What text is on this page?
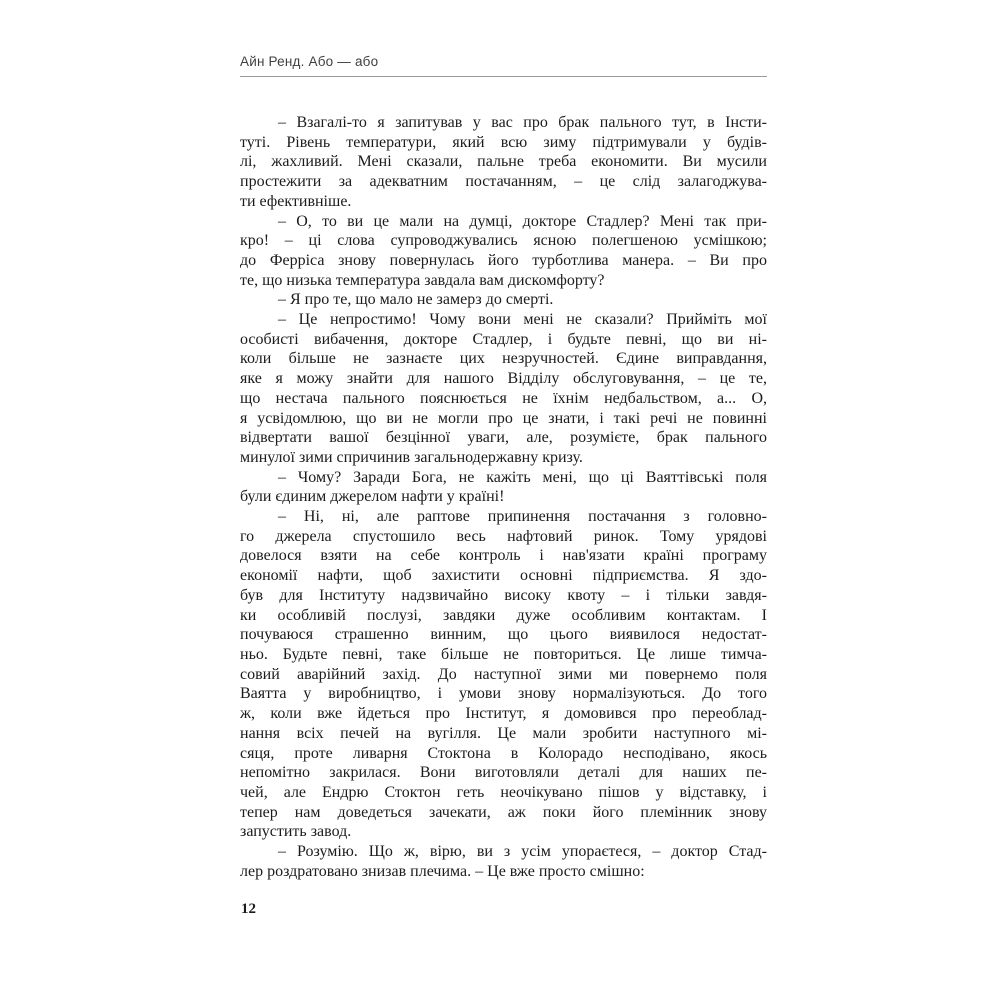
Айн Ренд. Або — або
– Взагалі-то я запитував у вас про брак пального тут, в Інсти-
туті. Рівень температури, який всю зиму підтримували у будів-
лі, жахливий. Мені сказали, пальне треба економити. Ви мусили
простежити за адекватним постачанням, – це слід залагоджува-
ти ефективніше.
– О, то ви це мали на думці, докторе Стадлер? Мені так при-
кро! – ці слова супроводжувались ясною полегшеною усмішкою;
до Ферріса знову повернулась його турботлива манера. – Ви про
те, що низька температура завдала вам дискомфорту?
– Я про те, що мало не замерз до смерті.
– Це непростимо! Чому вони мені не сказали? Прийміть мої
особисті вибачення, докторе Стадлер, і будьте певні, що ви ні-
коли більше не зазнаєте цих незручностей. Єдине виправдання,
яке я можу знайти для нашого Відділу обслуговування, – це те,
що нестача пального пояснюється не їхнім недбальством, а... О,
я усвідомлюю, що ви не могли про це знати, і такі речі не повинні
відвертати вашої безцінної уваги, але, розумієте, брак пального
минулої зими спричинив загальнодержавну кризу.
– Чому? Заради Бога, не кажіть мені, що ці Ваяттівські поля
були єдиним джерелом нафти у країні!
– Ні, ні, але раптове припинення постачання з головно-
го джерела спустошило весь нафтовий ринок. Тому урядові
довелося взяти на себе контроль і нав'язати країні програму
економії нафти, щоб захистити основні підприємства. Я здо-
був для Інституту надзвичайно високу квоту – і тільки завдя-
ки особливій послузі, завдяки дуже особливим контактам. І
почуваюся страшенно винним, що цього виявилося недостат-
ньо. Будьте певні, таке більше не повториться. Це лише тимча-
совий аварійний захід. До наступної зими ми повернемо поля
Ваятта у виробництво, і умови знову нормалізуються. До того
ж, коли вже йдеться про Інститут, я домовився про переоблад-
нання всіх печей на вугілля. Це мали зробити наступного мі-
сяця, проте ливарня Стоктона в Колорадо несподівано, якось
непомітно закрилася. Вони виготовляли деталі для наших пе-
чей, але Ендрю Стоктон геть неочікувано пішов у відставку, і
тепер нам доведеться зачекати, аж поки його племінник знову
запустить завод.
– Розумію. Що ж, вірю, ви з усім упораєтеся, – доктор Стад-
лер роздратовано знизав плечима. – Це вже просто смішно:
12
